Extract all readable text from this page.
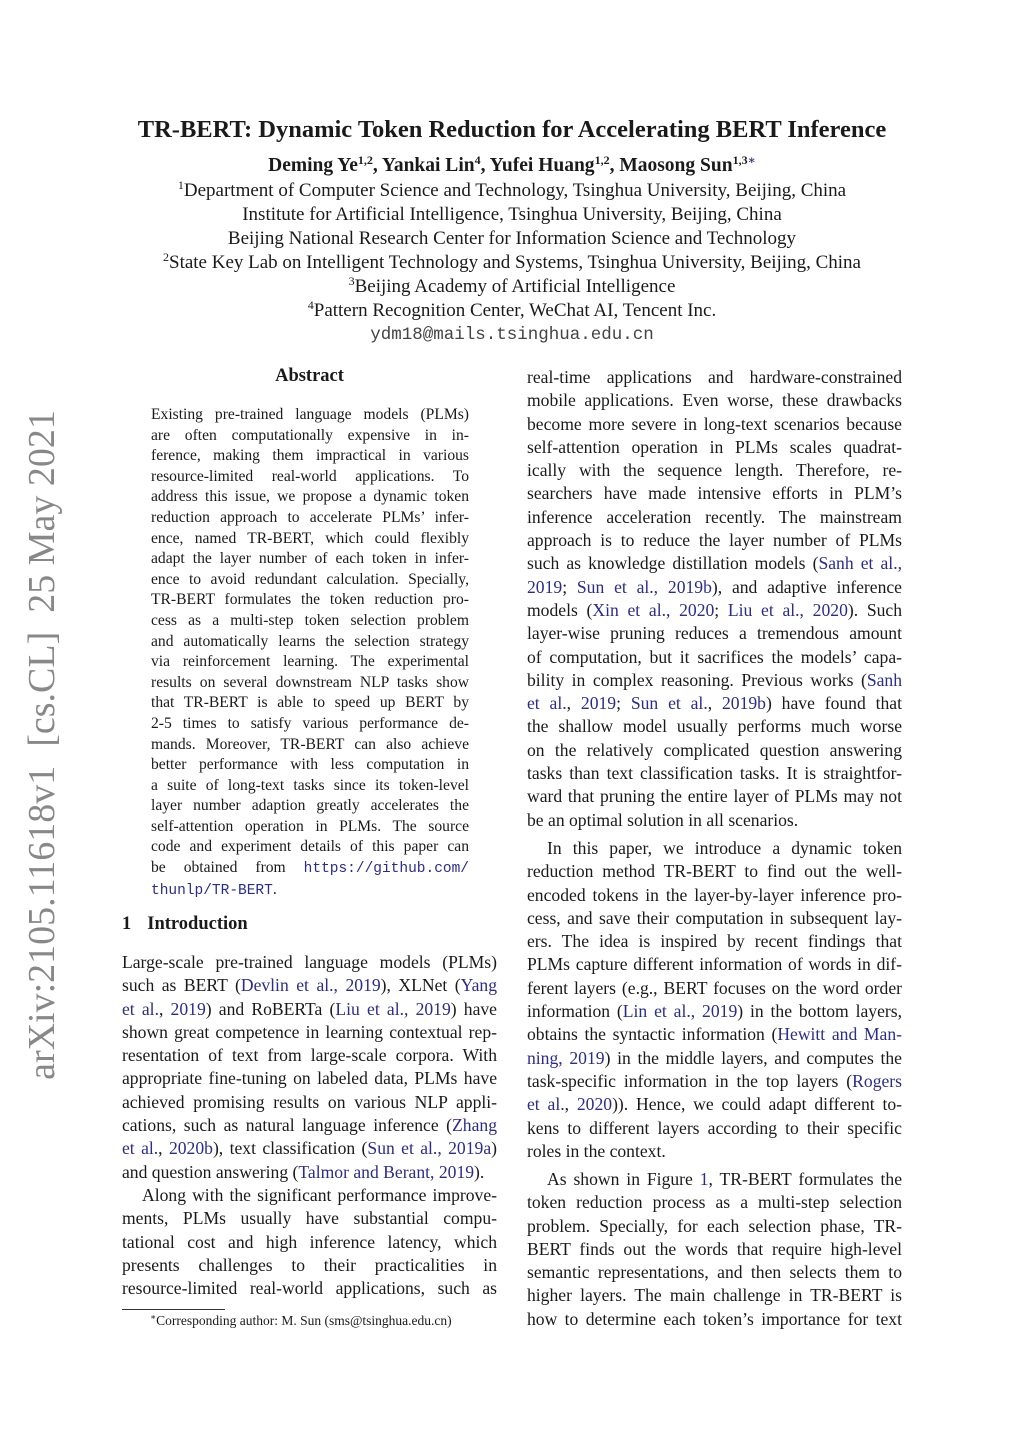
arXiv:2105.11618v1  [cs.CL]  25 May 2021
TR-BERT: Dynamic Token Reduction for Accelerating BERT Inference
Deming Ye$^{1,2}$, Yankai Lin$^4$, Yufei Huang$^{1,2}$, Maosong Sun$^{1,3∗}$
$^1$Department of Computer Science and Technology, Tsinghua University, Beijing, China
Institute for Artificial Intelligence, Tsinghua University, Beijing, China
Beijing National Research Center for Information Science and Technology
$^2$State Key Lab on Intelligent Technology and Systems, Tsinghua University, Beijing, China
$^3$Beijing Academy of Artificial Intelligence
$^4$Pattern Recognition Center, WeChat AI, Tencent Inc.
ydm18@mails.tsinghua.edu.cn
Abstract
Existing pre-trained language models (PLMs)
are often computationally expensive in in-
ference, making them impractical in various
resource-limited real-world applications. To
address this issue, we propose a dynamic token
reduction approach to accelerate PLMs’ infer-
ence, named TR-BERT, which could flexibly
adapt the layer number of each token in infer-
ence to avoid redundant calculation. Specially,
TR-BERT formulates the token reduction pro-
cess as a multi-step token selection problem
and automatically learns the selection strategy
via reinforcement learning. The experimental
results on several downstream NLP tasks show
that TR-BERT is able to speed up BERT by
2-5 times to satisfy various performance de-
mands. Moreover, TR-BERT can also achieve
better performance with less computation in
a suite of long-text tasks since its token-level
layer number adaption greatly accelerates the
self-attention operation in PLMs. The source
code and experiment details of this paper can
be obtained from https://github.com/
thunlp/TR-BERT.
1 Introduction
Large-scale pre-trained language models (PLMs)
such as BERT (Devlin et al., 2019), XLNet (Yang
et al., 2019) and RoBERTa (Liu et al., 2019) have
shown great competence in learning contextual rep-
resentation of text from large-scale corpora. With
appropriate fine-tuning on labeled data, PLMs have
achieved promising results on various NLP appli-
cations, such as natural language inference (Zhang
et al., 2020b), text classification (Sun et al., 2019a)
and question answering (Talmor and Berant, 2019).
Along with the significant performance improve-
ments, PLMs usually have substantial compu-
tational cost and high inference latency, which
presents challenges to their practicalities in
resource-limited real-world applications, such as
∗Corresponding author: M. Sun (sms@tsinghua.edu.cn)
real-time applications and hardware-constrained
mobile applications. Even worse, these drawbacks
become more severe in long-text scenarios because
self-attention operation in PLMs scales quadrat-
ically with the sequence length. Therefore, re-
searchers have made intensive efforts in PLM’s
inference acceleration recently. The mainstream
approach is to reduce the layer number of PLMs
such as knowledge distillation models (Sanh et al.,
2019; Sun et al., 2019b), and adaptive inference
models (Xin et al., 2020; Liu et al., 2020). Such
layer-wise pruning reduces a tremendous amount
of computation, but it sacrifices the models’ capa-
bility in complex reasoning. Previous works (Sanh
et al., 2019; Sun et al., 2019b) have found that
the shallow model usually performs much worse
on the relatively complicated question answering
tasks than text classification tasks. It is straightfor-
ward that pruning the entire layer of PLMs may not
be an optimal solution in all scenarios.
In this paper, we introduce a dynamic token
reduction method TR-BERT to find out the well-
encoded tokens in the layer-by-layer inference pro-
cess, and save their computation in subsequent lay-
ers. The idea is inspired by recent findings that
PLMs capture different information of words in dif-
ferent layers (e.g., BERT focuses on the word order
information (Lin et al., 2019) in the bottom layers,
obtains the syntactic information (Hewitt and Man-
ning, 2019) in the middle layers, and computes the
task-specific information in the top layers (Rogers
et al., 2020)). Hence, we could adapt different to-
kens to different layers according to their specific
roles in the context.
As shown in Figure 1, TR-BERT formulates the
token reduction process as a multi-step selection
problem. Specially, for each selection phase, TR-
BERT finds out the words that require high-level
semantic representations, and then selects them to
higher layers. The main challenge in TR-BERT is
how to determine each token’s importance for text
